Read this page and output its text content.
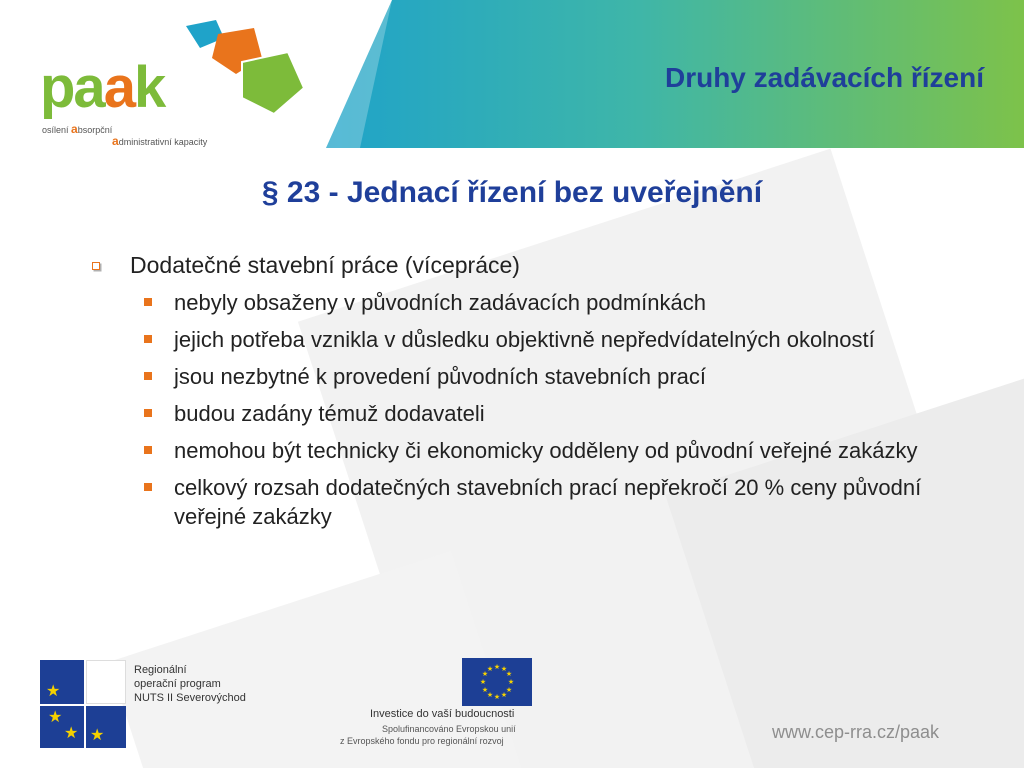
Druhy zadávacích řízení
paak
osílení absorpční
administrativní kapacity
§ 23 - Jednací řízení bez uveřejnění

Dodatečné stavební práce (víceprácе)

nebyly obsaženy v původních zadávacích podmínkách
jejich potřeba vznikla v důsledku objektivně nepředvídatelných okolností
jsou nezbytné k provedení původních stavebních prací
budou zadány témuž dodavateli
nemohou být technicky či ekonomicky odděleny od původní veřejné zakázky
celkový rozsah dodatečných stavebních prací nepřekročí 20 % ceny původní veřejné zakázky
★
★
★
Regionální
operační program
NUTS II Severovýchod
★
★ ★
★
★
★
★
★
★
★
★
★
★
Investice do vaší budoucnosti
Spolufinancováno Evropskou unií
z Evropského fondu pro regionální rozvoj	www.cep-rra.cz/paak
